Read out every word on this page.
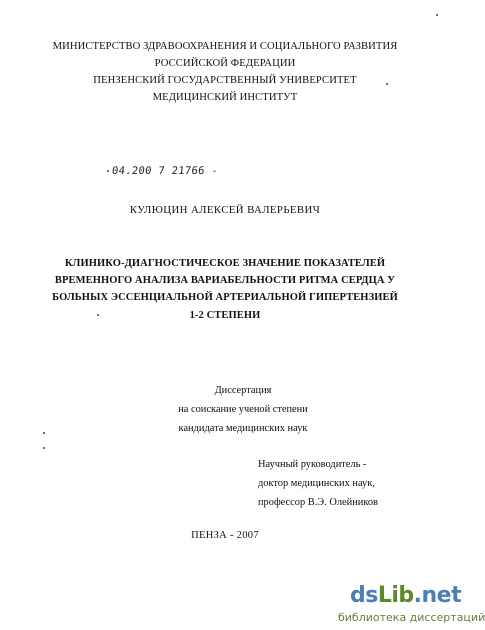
МИНИСТЕРСТВО ЗДРАВООХРАНЕНИЯ И СОЦИАЛЬНОГО РАЗВИТИЯ
РОССИЙСКОЙ ФЕДЕРАЦИИ
ПЕНЗЕНСКИЙ ГОСУДАРСТВЕННЫЙ УНИВЕРСИТЕТ
МЕДИЦИНСКИЙ ИНСТИТУТ
04.200 7 21766 -
КУЛЮЦИН АЛЕКСЕЙ ВАЛЕРЬЕВИЧ
КЛИНИКО-ДИАГНОСТИЧЕСКОЕ ЗНАЧЕНИЕ ПОКАЗАТЕЛЕЙ
ВРЕМЕННОГО АНАЛИЗА ВАРИАБЕЛЬНОСТИ РИТМА СЕРДЦА У
БОЛЬНЫХ ЭССЕНЦИАЛЬНОЙ АРТЕРИАЛЬНОЙ ГИПЕРТЕНЗИЕЙ
1-2 СТЕПЕНИ
Диссертация
на соискание ученой степени
кандидата медицинских наук
Научный руководитель -
доктор медицинских наук,
профессор В.Э. Олейников
ПЕНЗА - 2007
dsLib.net
библиотека диссертаций
